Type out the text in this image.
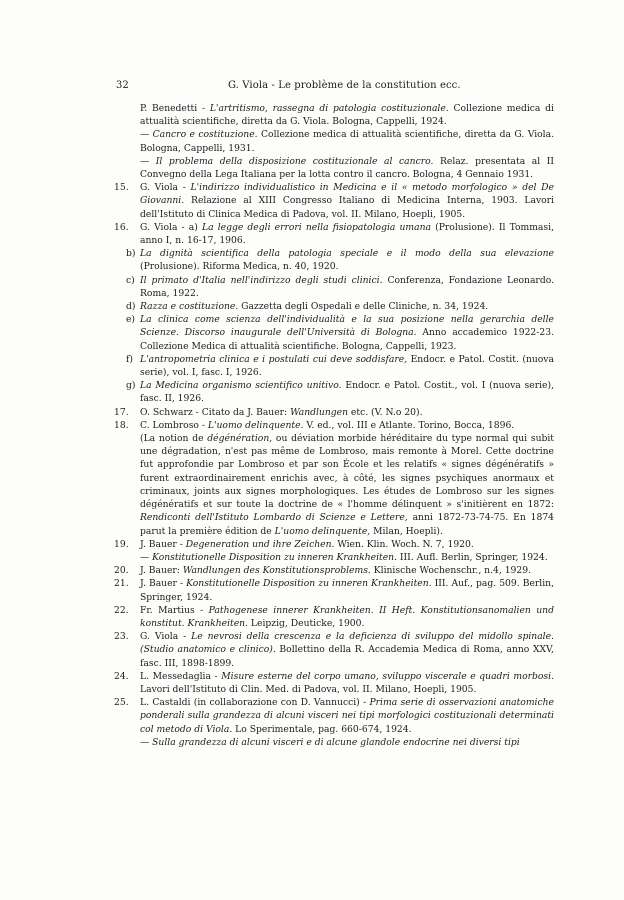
32	G. Viola - Le problème de la constitution ecc.
P. Benedetti - L'artritismo, rassegna di patologia costituzionale. Collezione medica di attualità scientifiche, diretta da G. Viola. Bologna, Cappelli, 1924.
— Cancro e costituzione. Collezione medica di attualità scientifiche, diretta da G. Viola. Bologna, Cappelli, 1931.
— Il problema della disposizione costituzionale al cancro. Relaz. presentata al II Convegno della Lega Italiana per la lotta contro il cancro. Bologna, 4 Gennaio 1931.
15. G. Viola - L'indirizzo individualistico in Medicina e il « metodo morfologico » del De Giovanni. Relazione al XIII Congresso Italiano di Medicina Interna, 1903. Lavori dell'Istituto di Clinica Medica di Padova, vol. II. Milano, Hoepli, 1905.
16. G. Viola - a) La legge degli errori nella fisiopatologia umana (Prolusione). Il Tommasi, anno I, n. 16-17, 1906.
b) La dignità scientifica della patologia speciale e il modo della sua elevazione (Prolusione). Riforma Medica, n. 40, 1920.
c) Il primato d'Italia nell'indirizzo degli studi clinici. Conferenza, Fondazione Leonardo. Roma, 1922.
d) Razza e costituzione. Gazzetta degli Ospedali e delle Cliniche, n. 34, 1924.
e) La clinica come scienza dell'individualità e la sua posizione nella gerarchia delle Scienze. Discorso inaugurale dell'Università di Bologna. Anno accademico 1922-23. Collezione Medica di attualità scientifiche. Bologna, Cappelli, 1923.
f) L'antropometria clinica e i postulati cui deve soddisfare, Endocr. e Patol. Costit. (nuova serie), vol. I, fasc. I, 1926.
g) La Medicina organismo scientifico unitivo. Endocr. e Patol. Costit., vol. I (nuova serie), fasc. II, 1926.
17. O. Schwarz - Citato da J. Bauer: Wandlungen etc. (V. N.o 20).
18. C. Lombroso - L'uomo delinquente. V. ed., vol. III e Atlante. Torino, Bocca, 1896.
(La notion de dégénération, ou déviation morbide héréditaire du type normal qui subit une dégradation, n'est pas même de Lombroso, mais remonte à Morel. Cette doctrine fut approfondie par Lombroso et par son École et les relatifs « signes dégénératifs » furent extraordinairement enrichis avec, à côté, les signes psychiques anormaux et criminaux, joints aux signes morphologiques. Les études de Lombroso sur les signes dégénératifs et sur toute la doctrine de « l'homme délinquent » s'initièrent en 1872: Rendiconti dell'Istituto Lombardo di Scienze e Lettere, anni 1872-73-74-75. En 1874 parut la première édition de L'uomo delinquente, Milan, Hoepli).
19. J. Bauer - Degeneration und ihre Zeichen. Wien. Klin. Woch. N. 7, 1920.
— Konstitutionelle Disposition zu inneren Krankheiten. III. Aufl. Berlin, Springer, 1924.
20. J. Bauer: Wandlungen des Konstitutionsproblems. Klinische Wochenschr., n.4, 1929.
21. J. Bauer - Konstitutionelle Disposition zu inneren Krankheiten. III. Auf., pag. 509. Berlin, Springer, 1924.
22. Fr. Martius - Pathogenese innerer Krankheiten. II Heft. Konstitutionsanomalien und konstitut. Krankheiten. Leipzig, Deuticke, 1900.
23. G. Viola - Le nevrosi della crescenza e la deficienza di sviluppo del midollo spinale. (Studio anatomico e clinico). Bollettino della R. Accademia Medica di Roma, anno XXV, fasc. III, 1898-1899.
24. L. Messedaglia - Misure esterne del corpo umano, sviluppo viscerale e quadri morbosi. Lavori dell'Istituto di Clin. Med. di Padova, vol. II. Milano, Hoepli, 1905.
25. L. Castaldi (in collaborazione con D. Vannucci) - Prima serie di osservazioni anatomiche ponderali sulla grandezza di alcuni visceri nei tipi morfologici costituzionali determinati col metodo di Viola. Lo Sperimentale, pag. 660-674, 1924.
— Sulla grandezza di alcuni visceri e di alcune glandole endocrine nei diversi tipi
